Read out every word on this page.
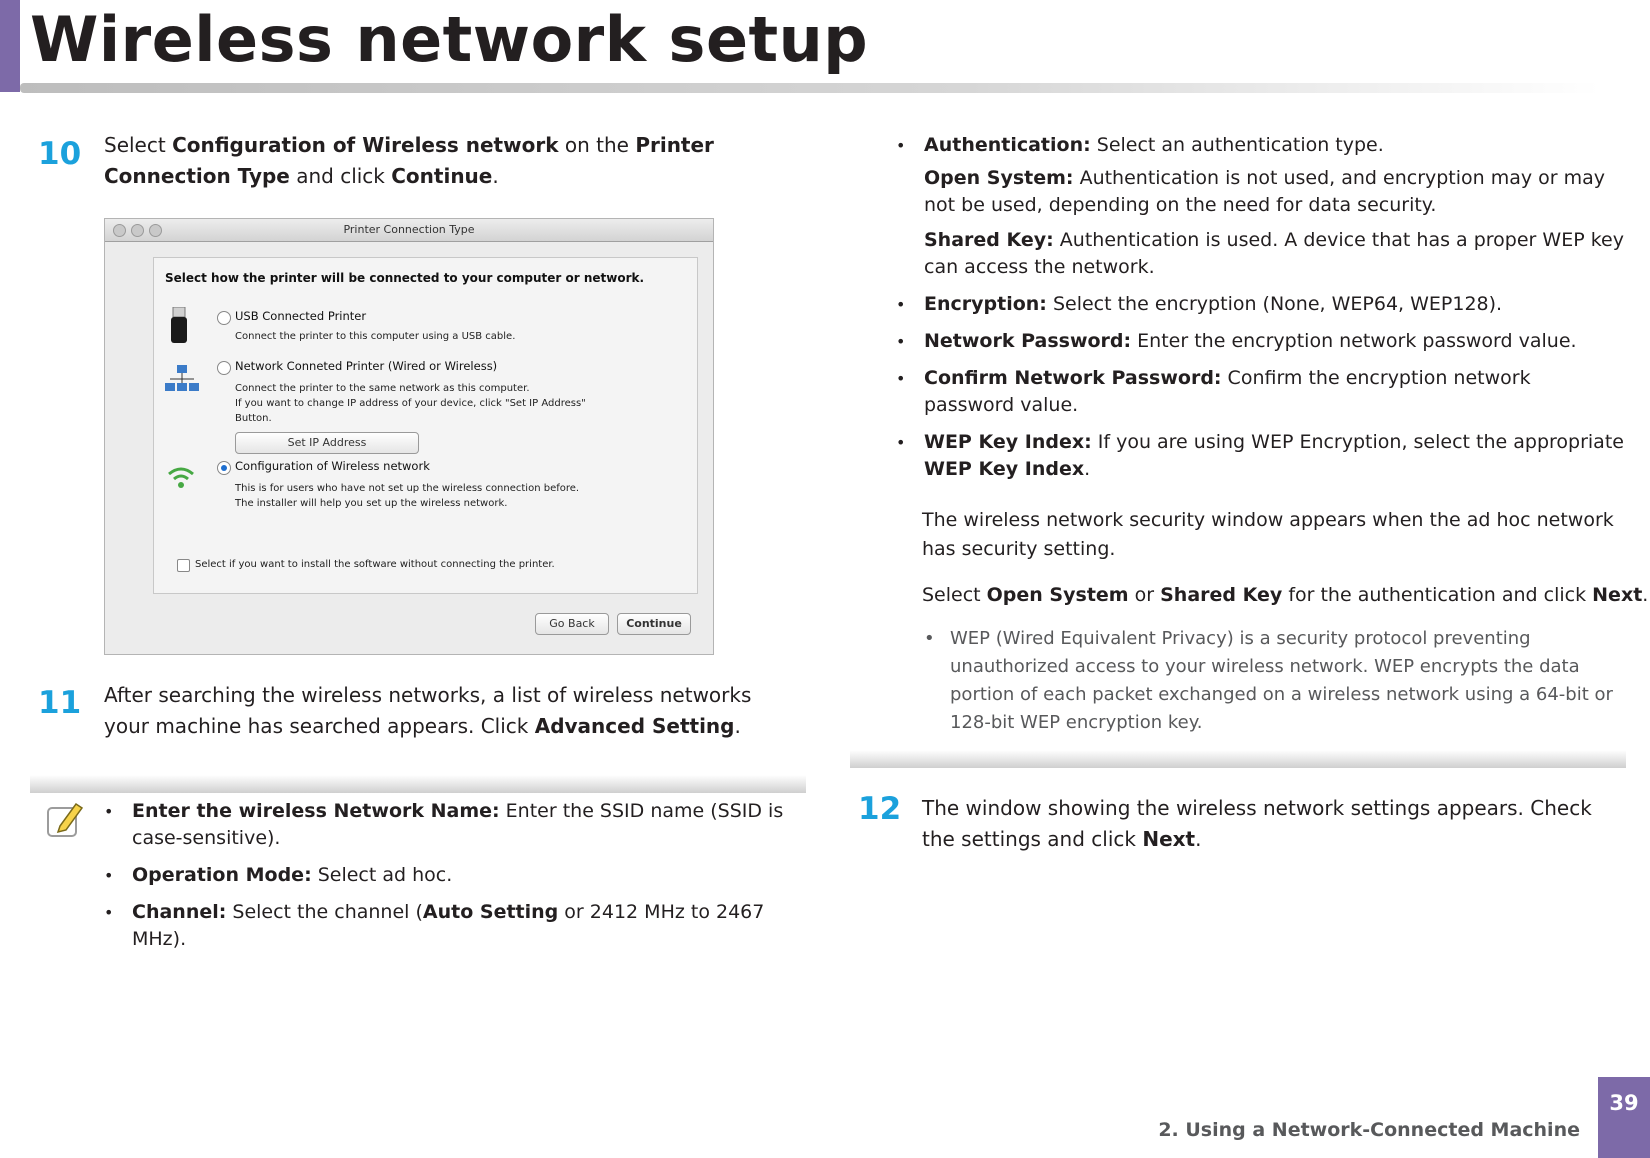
Wireless network setup
10 Select Configuration of Wireless network on the Printer Connection Type and click Continue.
Printer Connection Type
Select how the printer will be connected to your computer or network.
USB Connected Printer
Connect the printer to this computer using a USB cable.
Network Conneted Printer (Wired or Wireless)
Connect the printer to the same network as this computer.
If you want to change IP address of your device, click "Set IP Address"
Button.
Set IP Address
Configuration of Wireless network
This is for users who have not set up the wireless connection before.
The installer will help you set up the wireless network.
Select if you want to install the software without connecting the printer.
Go Back	Continue
11 After searching the wireless networks, a list of wireless networks your machine has searched appears. Click Advanced Setting.
• Enter the wireless Network Name: Enter the SSID name (SSID is case-sensitive).
• Operation Mode: Select ad hoc.
• Channel: Select the channel (Auto Setting or 2412 MHz to 2467 MHz).
• Authentication: Select an authentication type.
Open System: Authentication is not used, and encryption may or may not be used, depending on the need for data security.
Shared Key: Authentication is used. A device that has a proper WEP key can access the network.
• Encryption: Select the encryption (None, WEP64, WEP128).
• Network Password: Enter the encryption network password value.
• Confirm Network Password: Confirm the encryption network password value.
• WEP Key Index: If you are using WEP Encryption, select the appropriate WEP Key Index.
The wireless network security window appears when the ad hoc network has security setting.
Select Open System or Shared Key for the authentication and click Next.
• WEP (Wired Equivalent Privacy) is a security protocol preventing unauthorized access to your wireless network. WEP encrypts the data portion of each packet exchanged on a wireless network using a 64-bit or 128-bit WEP encryption key.
12 The window showing the wireless network settings appears. Check the settings and click Next.
2. Using a Network-Connected Machine
39
